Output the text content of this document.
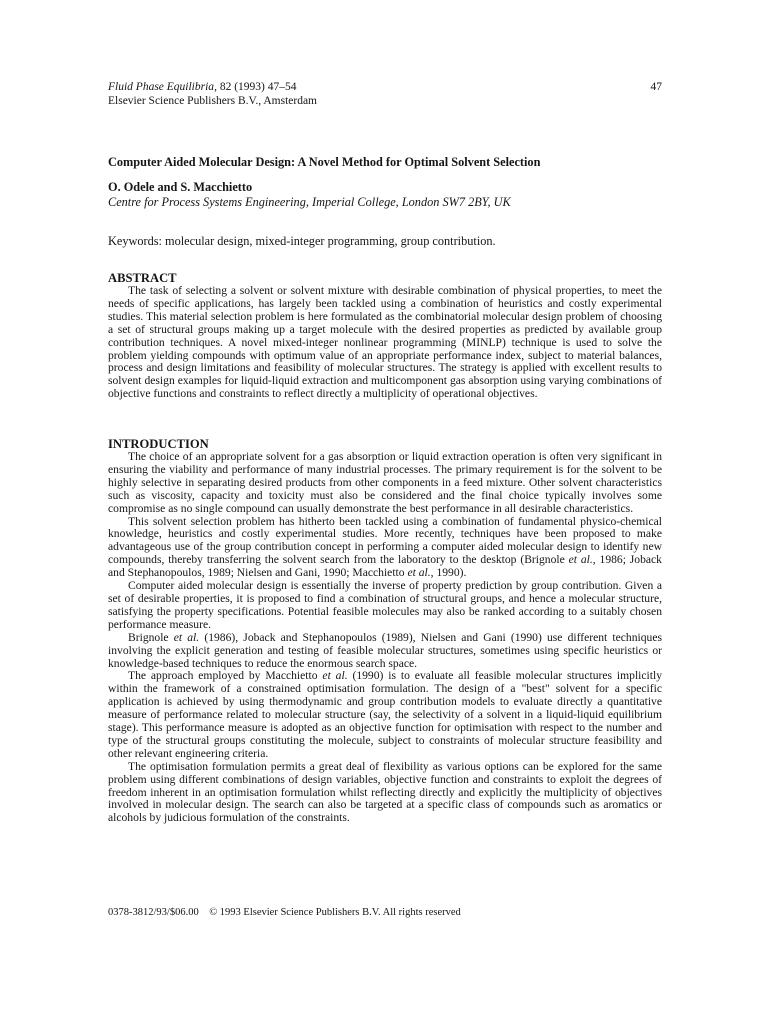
Fluid Phase Equilibria, 82 (1993) 47–54
Elsevier Science Publishers B.V., Amsterdam
47
Computer Aided Molecular Design: A Novel Method for Optimal Solvent Selection
O. Odele and S. Macchietto
Centre for Process Systems Engineering, Imperial College, London SW7 2BY, UK
Keywords: molecular design, mixed-integer programming, group contribution.
ABSTRACT

The task of selecting a solvent or solvent mixture with desirable combination of physical properties, to meet the needs of specific applications, has largely been tackled using a combination of heuristics and costly experimental studies. This material selection problem is here formulated as the combinatorial molecular design problem of choosing a set of structural groups making up a target molecule with the desired properties as predicted by available group contribution techniques. A novel mixed-integer nonlinear programming (MINLP) technique is used to solve the problem yielding compounds with optimum value of an appropriate performance index, subject to material balances, process and design limitations and feasibility of molecular structures. The strategy is applied with excellent results to solvent design examples for liquid-liquid extraction and multicomponent gas absorption using varying combinations of objective functions and constraints to reflect directly a multiplicity of operational objectives.

INTRODUCTION

The choice of an appropriate solvent for a gas absorption or liquid extraction operation is often very significant in ensuring the viability and performance of many industrial processes. The primary requirement is for the solvent to be highly selective in separating desired products from other components in a feed mixture. Other solvent characteristics such as viscosity, capacity and toxicity must also be considered and the final choice typically involves some compromise as no single compound can usually demonstrate the best performance in all desirable characteristics.

This solvent selection problem has hitherto been tackled using a combination of fundamental physico-chemical knowledge, heuristics and costly experimental studies. More recently, techniques have been proposed to make advantageous use of the group contribution concept in performing a computer aided molecular design to identify new compounds, thereby transferring the solvent search from the laboratory to the desktop (Brignole et al., 1986; Joback and Stephanopoulos, 1989; Nielsen and Gani, 1990; Macchietto et al., 1990).

Computer aided molecular design is essentially the inverse of property prediction by group contribution. Given a set of desirable properties, it is proposed to find a combination of structural groups, and hence a molecular structure, satisfying the property specifications. Potential feasible molecules may also be ranked according to a suitably chosen performance measure.

Brignole et al. (1986), Joback and Stephanopoulos (1989), Nielsen and Gani (1990) use different techniques involving the explicit generation and testing of feasible molecular structures, sometimes using specific heuristics or knowledge-based techniques to reduce the enormous search space.

The approach employed by Macchietto et al. (1990) is to evaluate all feasible molecular structures implicitly within the framework of a constrained optimisation formulation. The design of a "best" solvent for a specific application is achieved by using thermodynamic and group contribution models to evaluate directly a quantitative measure of performance related to molecular structure (say, the selectivity of a solvent in a liquid-liquid equilibrium stage). This performance measure is adopted as an objective function for optimisation with respect to the number and type of the structural groups constituting the molecule, subject to constraints of molecular structure feasibility and other relevant engineering criteria.

The optimisation formulation permits a great deal of flexibility as various options can be explored for the same problem using different combinations of design variables, objective function and constraints to exploit the degrees of freedom inherent in an optimisation formulation whilst reflecting directly and explicitly the multiplicity of objectives involved in molecular design. The search can also be targeted at a specific class of compounds such as aromatics or alcohols by judicious formulation of the constraints.

0378-3812/93/$06.00    © 1993 Elsevier Science Publishers B.V. All rights reserved
